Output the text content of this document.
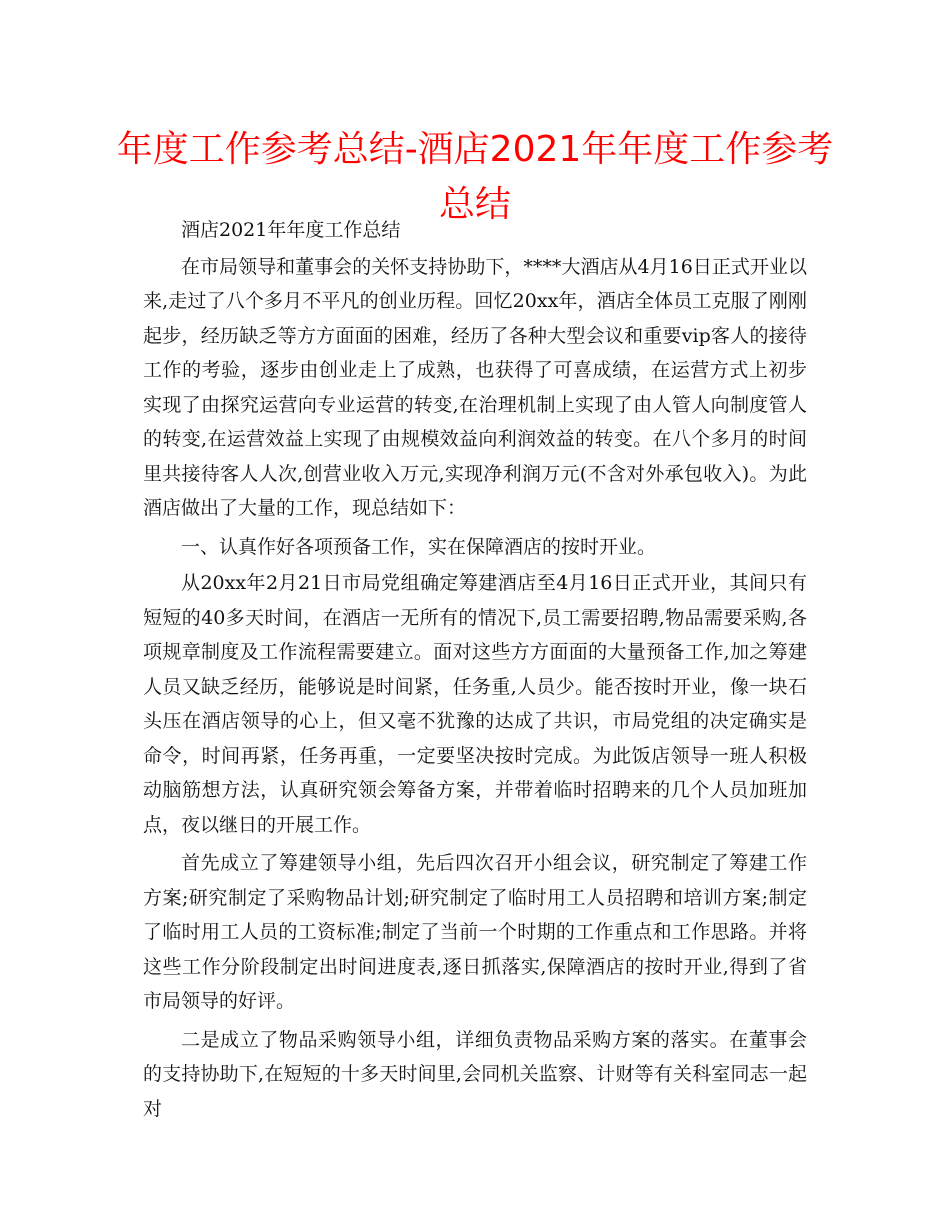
年度工作参考总结-酒店2021年年度工作参考总结

酒店2021年年度工作总结

在市局领导和董事会的关怀支持协助下，****大酒店从4月16日正式开业以来,走过了八个多月不平凡的创业历程。回忆20xx年，酒店全体员工克服了刚刚起步，经历缺乏等方方面面的困难，经历了各种大型会议和重要vip客人的接待工作的考验，逐步由创业走上了成熟，也获得了可喜成绩，在运营方式上初步实现了由探究运营向专业运营的转变,在治理机制上实现了由人管人向制度管人的转变,在运营效益上实现了由规模效益向利润效益的转变。在八个多月的时间里共接待客人人次,创营业收入万元,实现净利润万元(不含对外承包收入)。为此酒店做出了大量的工作，现总结如下：

一、认真作好各项预备工作，实在保障酒店的按时开业。

从20xx年2月21日市局党组确定筹建酒店至4月16日正式开业，其间只有短短的40多天时间，在酒店一无所有的情况下,员工需要招聘,物品需要采购,各项规章制度及工作流程需要建立。面对这些方方面面的大量预备工作,加之筹建人员又缺乏经历，能够说是时间紧，任务重,人员少。能否按时开业，像一块石头压在酒店领导的心上，但又毫不犹豫的达成了共识，市局党组的决定确实是命令，时间再紧，任务再重，一定要坚决按时完成。为此饭店领导一班人积极动脑筋想方法，认真研究领会筹备方案，并带着临时招聘来的几个人员加班加点，夜以继日的开展工作。

首先成立了筹建领导小组，先后四次召开小组会议，研究制定了筹建工作方案;研究制定了采购物品计划;研究制定了临时用工人员招聘和培训方案;制定了临时用工人员的工资标准;制定了当前一个时期的工作重点和工作思路。并将这些工作分阶段制定出时间进度表,逐日抓落实,保障酒店的按时开业,得到了省市局领导的好评。

二是成立了物品采购领导小组，详细负责物品采购方案的落实。在董事会的支持协助下,在短短的十多天时间里,会同机关监察、计财等有关科室同志一起对
